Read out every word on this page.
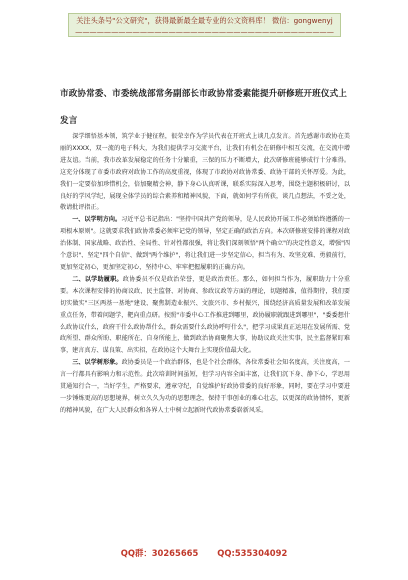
关注头条号"公文研究"，获得最新最全最专业的公文资料库！ 微信：gongwenyj
————————————————————————————————————
市政协常委、市委统战部常务副部长市政协常委素能提升研修班开班仪式上发言

深学细悟基本领，筑学业于健征程，很荣幸作为学员代表在开班式上谈几点发言。首先感谢市政协在美丽的XXXX，双一流的电子科大，为我们提供学习交流平台，让我们有机会在研修中相互交流，在交流中增进友谊。当前，我市改革发展稳定的任务十分繁重，三保的压力不断增大，此次研修班能够成行十分难得。这充分体现了市委市政府对政协工作的高度重视，体现了市政协对政协常委、政协干部的关怀厚爱。为此，我们一定要倍加珍惜机会，倍加聚精会神，静下身心认真听课，联系实际深入思考，围绕主题积极研讨，以良好的学风学纪，展现全体学员的综合素养和精神风貌，下面，就如何学有所获，谈几点想法，不妥之处，敬请批评指正。

一、以学明方向。习近平总书记指出："坚持中国共产党的领导，是人民政协开展工作必须始终遵循的一项根本原则"。这就要求我们政协常委必须牢记党的领导，坚定正确的政治方向。本次研修班安排的课程对政治体制、国家战略、政治性、全局性、针对性都很强，将让我们深刻领悟"两个确立"的决定性意义，增强"四个意识"、坚定"四个自信"、做到"两个维护"，将让我们进一步坚定信心，担当有为、攻坚克难、勇毅前行，更加坚定初心，更加坚定初心，坚持中心、牢牢把握履职的正确方向。

二、以学助履职。政协委员不仅是政治荣誉，更是政治责任。那么，如何担当作为，履职助力十分重要。本次课程安排的协商议政、民主监督、对协商、参政议政等方面的理论，切题精准，值得期待，我们要切实做实"三区两基一基地"建设、聚焦制造业振兴、文旅兴市、乡村振兴，围绕经济高质量发展和改革发展重点任务，带着问题学，靶向重点研。按照"市委中心工作推进到哪里，政协履职就跟进到哪里"，"委委想什么政协议什么，政府干什么政协帮什么，群众需要什么政协呼吁什么"，把学习成果真正运用在发展所需、党政所望、群众所盼、职能所在、自身所能上，做到政治协商聚焦大事，协助议政关注实事，民主监督紧盯难事，建言真方、谋良策、出实招，在政协这个大舞台上实现价值最大化。

三、以学树形象。政协委员是一个政治群体，也是个社会群体，各位常委社会知名度高，关注度高，一言一行都具有影响力和示范性。此次培训时间虽短，但学习内容全面丰富，让我们沉下身、静下心，学思用贯通知行合一，当好学生，严格要求，遵章守纪，自觉维护好政协常委的良好形象，同时，要在学习中要进一步锤炼更高的思想境界，树立久久为功的思想理念，保持干事创业的难心壮志，以更深的政协情怀，更新的精神风貌，在广大人民群众和各界人士中树立起新时代政协常委崭新风采。

QQ群：30265665 QQ:535304092
